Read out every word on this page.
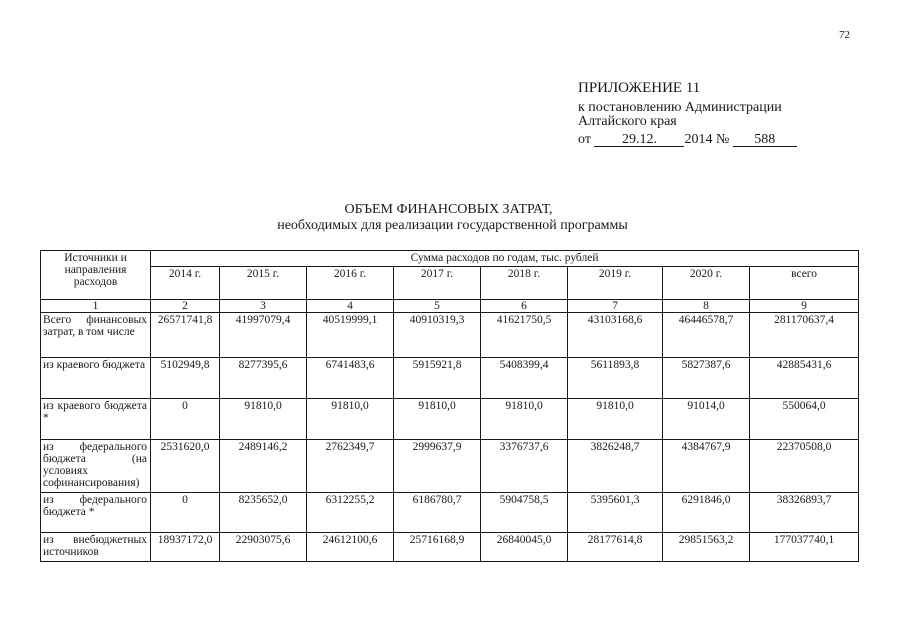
72
ПРИЛОЖЕНИЕ 11
к постановлению Администрации
Алтайского края
от 29.12. 2014 № 588
ОБЪЕМ ФИНАНСОВЫХ ЗАТРАТ,
необходимых для реализации государственной программы
Источники и направления расходов	Сумма расходов по годам, тыс. рублей							
	2014 г.	2015 г.	2016 г.	2017 г.	2018 г.	2019 г.	2020 г.	всего
1	2	3	4	5	6	7	8	9
Всего финансовых затрат, в том числе	26571741,8	41997079,4	40519999,1	40910319,3	41621750,5	43103168,6	46446578,7	281170637,4
из краевого бюджета	5102949,8	8277395,6	6741483,6	5915921,8	5408399,4	5611893,8	5827387,6	42885431,6
из краевого бюджета *	0	91810,0	91810,0	91810,0	91810,0	91810,0	91014,0	550064,0
из федерального бюджета (на условиях софинансирования)	2531620,0	2489146,2	2762349,7	2999637,9	3376737,6	3826248,7	4384767,9	22370508,0
из федерального бюджета *	0	8235652,0	6312255,2	6186780,7	5904758,5	5395601,3	6291846,0	38326893,7
из внебюджетных источников	18937172,0	22903075,6	24612100,6	25716168,9	26840045,0	28177614,8	29851563,2	177037740,1
